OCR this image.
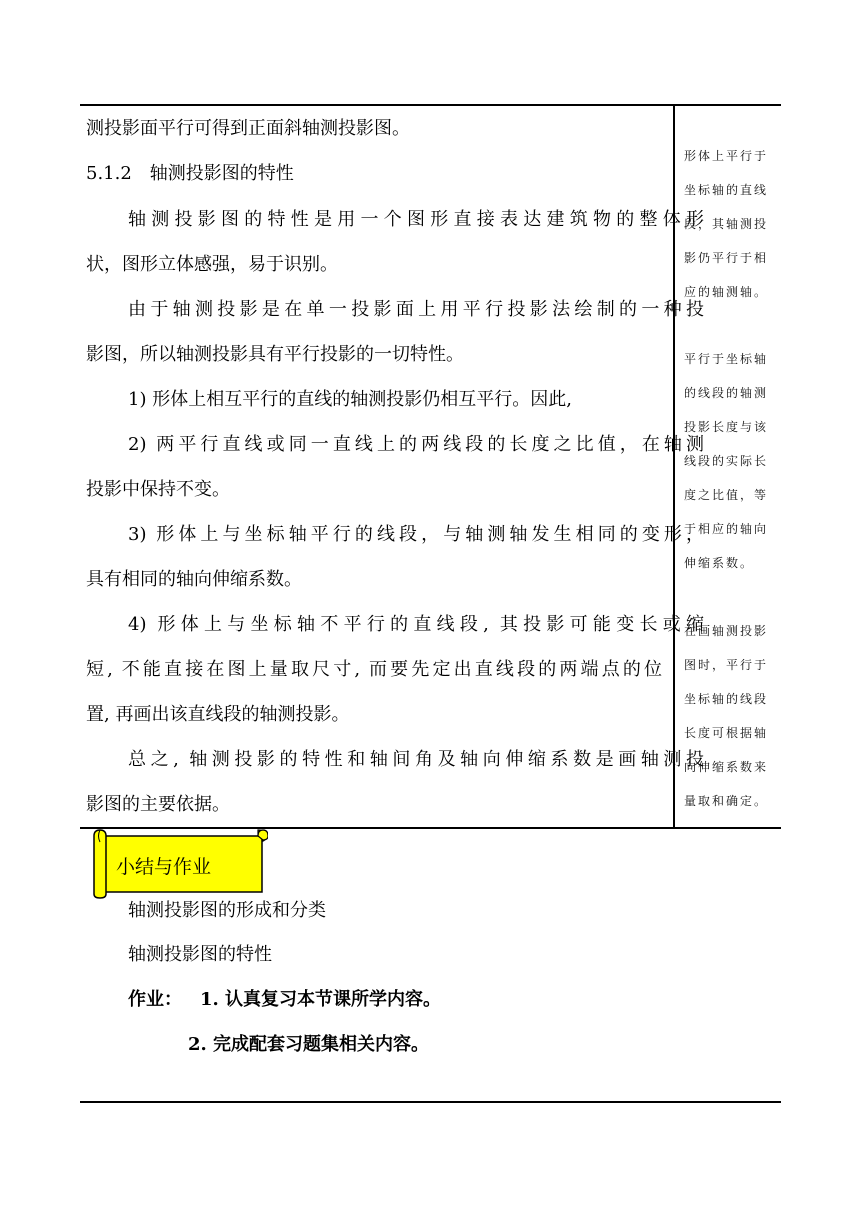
测投影面平行可得到正面斜轴测投影图。
5.1.2　轴测投影图的特性
轴测投影图的特性是用一个图形直接表达建筑物的整体形
状，图形立体感强，易于识别。
由于轴测投影是在单一投影面上用平行投影法绘制的一种投
影图，所以轴测投影具有平行投影的一切特性。
1) 形体上相互平行的直线的轴测投影仍相互平行。因此,
2) 两平行直线或同一直线上的两线段的长度之比值，在轴测
投影中保持不变。
3) 形体上与坐标轴平行的线段，与轴测轴发生相同的变形，
具有相同的轴向伸缩系数。
4) 形体上与坐标轴不平行的直线段, 其投影可能变长或缩
短, 不能直接在图上量取尺寸, 而要先定出直线段的两端点的位
置, 再画出该直线段的轴测投影。
总之, 轴测投影的特性和轴间角及轴向伸缩系数是画轴测投
影图的主要依据。
形体上平行于
坐标轴的直线
段，其轴测投
影仍平行于相
应的轴测轴。
平行于坐标轴
的线段的轴测
投影长度与该
线段的实际长
度之比值，等
于相应的轴向
伸缩系数。
在画轴测投影
图时，平行于
坐标轴的线段
长度可根据轴
向伸缩系数来
量取和确定。
小结与作业
轴测投影图的形成和分类
轴测投影图的特性
作业： 1. 认真复习本节课所学内容。
2. 完成配套习题集相关内容。
